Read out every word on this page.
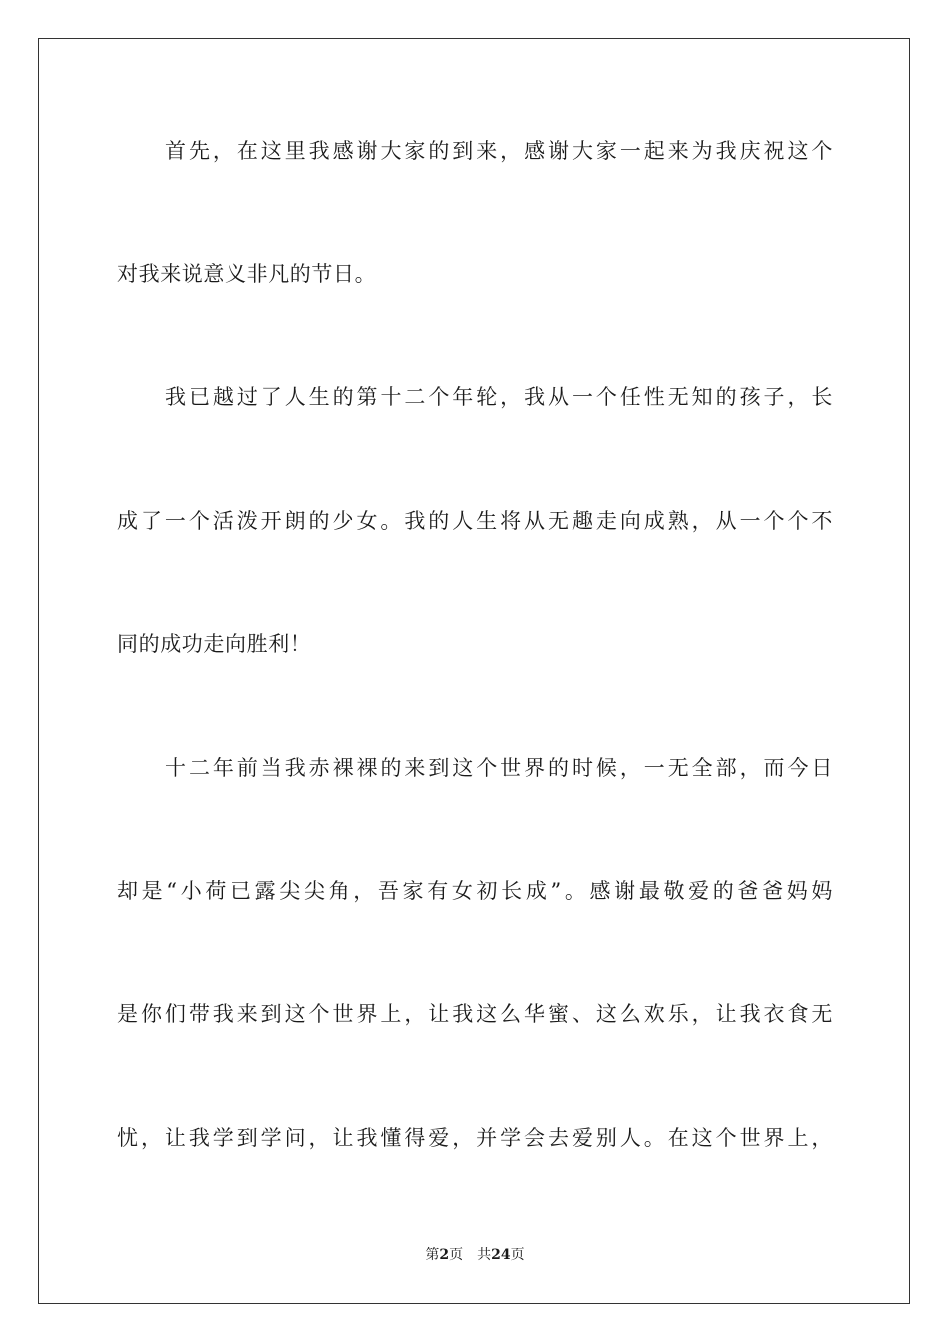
首先，在这里我感谢大家的到来，感谢大家一起来为我庆祝这个
对我来说意义非凡的节日。
我已越过了人生的第十二个年轮，我从一个任性无知的孩子，长
成了一个活泼开朗的少女。我的人生将从无趣走向成熟，从一个个不
同的成功走向胜利！
十二年前当我赤裸裸的来到这个世界的时候，一无全部，而今日
却是“小荷已露尖尖角，吾家有女初长成”。感谢最敬爱的爸爸妈妈
是你们带我来到这个世界上，让我这么华蜜、这么欢乐，让我衣食无
忧，让我学到学问，让我懂得爱，并学会去爱别人。在这个世界上，
第2页 共24页
